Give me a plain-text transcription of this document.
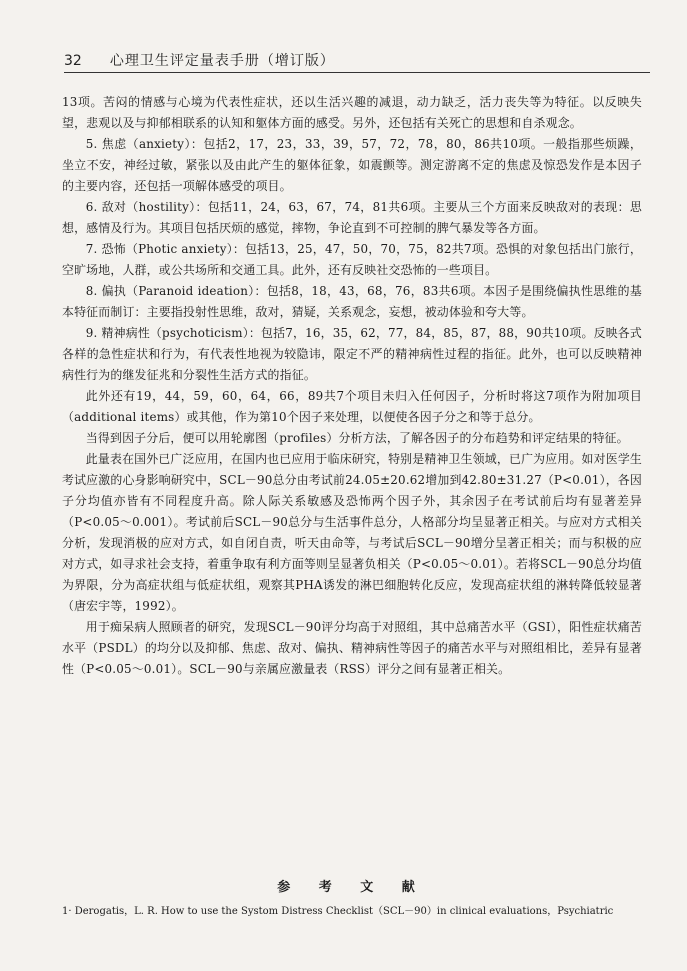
32 心理卫生评定量表手册（增订版）

13项。苦闷的情感与心境为代表性症状，还以生活兴趣的减退，动力缺乏，活力丧失等为特征。以反映失望，悲观以及与抑郁相联系的认知和躯体方面的感受。另外，还包括有关死亡的思想和自杀观念。

5. 焦虑（anxiety）：包括2，17，23，33，39，57，72，78，80，86共10项。一般指那些烦躁，坐立不安，神经过敏，紧张以及由此产生的躯体征象，如震颤等。测定游离不定的焦虑及惊恐发作是本因子的主要内容，还包括一项解体感受的项目。

6. 敌对（hostility）：包括11，24，63，67，74，81共6项。主要从三个方面来反映敌对的表现：思想，感情及行为。其项目包括厌烦的感觉，摔物，争论直到不可控制的脾气暴发等各方面。

7. 恐怖（Photic anxiety）：包括13，25，47，50，70，75，82共7项。恐惧的对象包括出门旅行，空旷场地，人群，或公共场所和交通工具。此外，还有反映社交恐怖的一些项目。

8. 偏执（Paranoid ideation）：包括8，18，43，68，76，83共6项。本因子是围绕偏执性思维的基本特征而制订：主要指投射性思维，敌对，猜疑，关系观念，妄想，被动体验和夸大等。

9. 精神病性（psychoticism）：包括7，16，35，62，77，84，85，87，88，90共10项。反映各式各样的急性症状和行为，有代表性地视为较隐讳，限定不严的精神病性过程的指征。此外，也可以反映精神病性行为的继发征兆和分裂性生活方式的指征。

此外还有19，44，59，60，64，66，89共7个项目未归入任何因子，分析时将这7项作为附加项目（additional items）或其他，作为第10个因子来处理，以便使各因子分之和等于总分。

当得到因子分后，便可以用轮廓图（profiles）分析方法，了解各因子的分布趋势和评定结果的特征。

此量表在国外已广泛应用，在国内也已应用于临床研究，特别是精神卫生领域，已广为应用。如对医学生考试应激的心身影响研究中，SCL－90总分由考试前24.05±20.62增加到42.80±31.27（P<0.01），各因子分均值亦皆有不同程度升高。除人际关系敏感及恐怖两个因子外，其余因子在考试前后均有显著差异（P<0.05～0.001）。考试前后SCL－90总分与生活事件总分，人格部分均呈显著正相关。与应对方式相关分析，发现消极的应对方式，如自闭自责，听天由命等，与考试后SCL－90增分呈著正相关；而与积极的应对方式，如寻求社会支持，着重争取有利方面等则呈显著负相关（P<0.05～0.01）。若将SCL－90总分均值为界限，分为高症状组与低症状组，观察其PHA诱发的淋巴细胞转化反应，发现高症状组的淋转降低较显著（唐宏宇等，1992）。

用于痴呆病人照顾者的研究，发现SCL－90评分均高于对照组，其中总痛苦水平（GSI），阳性症状痛苦水平（PSDL）的均分以及抑郁、焦虑、敌对、偏执、精神病性等因子的痛苦水平与对照组相比，差异有显著性（P<0.05～0.01）。SCL－90与亲属应激量表（RSS）评分之间有显著正相关。

参 考 文 献
1· Derogatis，L. R. How to use the Systom Distress Checklist（SCL－90）in clinical evaluations，Psychiatric
